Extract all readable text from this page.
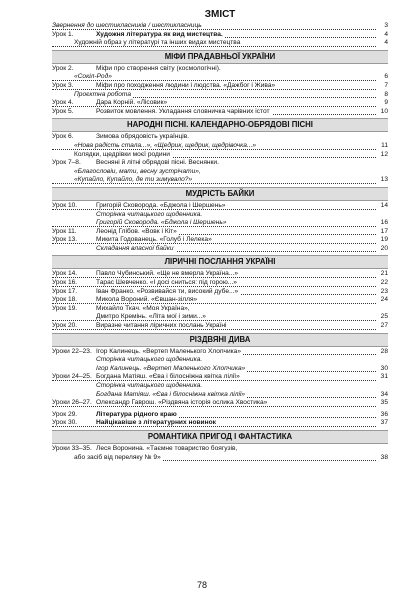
ЗМІСТ
Звернення до шестикласників / шестикласниць	3
Урок 1.	Художня література як вид мистецтва.	4
Художній образ у літературі та інших видах мистецтва	4
МІФИ ПРАДАВНЬОЇ УКРАЇНИ
Урок 2.	Міфи про створення світу (космологічні).
«Сокіл-Род»	6
Урок 3.	Міфи про походження людини і людства. «Дажбог і Жива»	7
Проєктна робота	8
Урок 4.	Дара Корній. «Лісовик»	9
Урок 5.	Розвиток мовлення. Укладання словничка чарівних істот	10
НАРОДНІ ПІСНІ. КАЛЕНДАРНО-ОБРЯДОВІ ПІСНІ
Урок 6.	Зимова обрядовість українців.
«Нова радість стала...», «Щедрик, щедрик, щедрівочка...»	11
Колядки, щедрівки моєї родини	12
Урок 7–8. Весняні й літні обрядові пісні. Веснянки.
«Благословіи, мати, весну зустрічати»,
«Купайло, Купайло, де ти зимувало?»	13
МУДРІСТЬ БАЙКИ
Урок 10.	Григорій Сковорода. «Бджола і Шершень»	14
Сторінка читацького щоденника.
Григорій Сковорода. «Бджола і Шершень»	16
Урок 11.	Леонід Глібов. «Вовк і Кіт»	17
Урок 13.	Микита Годованець. «Голуб і Лелека»	19
Складання власної байки	20
ЛІРИЧНІ ПОСЛАННЯ УКРАЇНІ
Урок 14.	Павло Чубинський. «Ще не вмерла Україна...»	21
Урок 16.	Тарас Шевченко. «І досі сниться: під горою...»	22
Урок 17.	Іван Франко. «Розвивайся ти, високий дубе...»	23
Урок 18.	Микола Вороний. «Євшан-зілля»	24
Урок 19.	Михайло Ткач. «Моя Україна»,
Дмитро Кремінь. «Літа мої і зими...»	25
Урок 20.	Виразне читання ліричних послань Україні	27
РІЗДВЯНІ ДИВА
Уроки 22–23. Ігор Калинець. «Вертеп Маленького Хлопчика»	28
Сторінка читацького щоденника.
Ігор Калинець. «Вертеп Маленького Хлопчика»	30
Уроки 24–25. Богдана Матіяш. «Єва і білосніжна квітка лілії»	31
Сторінка читацького щоденника.
Богдана Матіяш. «Єва і білосніжна квітка лілії»	34
Уроки 26–27. Олександр Гаврош. «Різдвяна історія ослика Хвостика»	35
Урок 29.	Література рідного краю	36
Урок 30.	Найцікавіше з літературних новинок	37
РОМАНТИКА ПРИГОД І ФАНТАСТИКА
Уроки 33–35. Леся Воронина. «Таємне товариство боягузів,
або засіб від переляку № 9»	38
78
